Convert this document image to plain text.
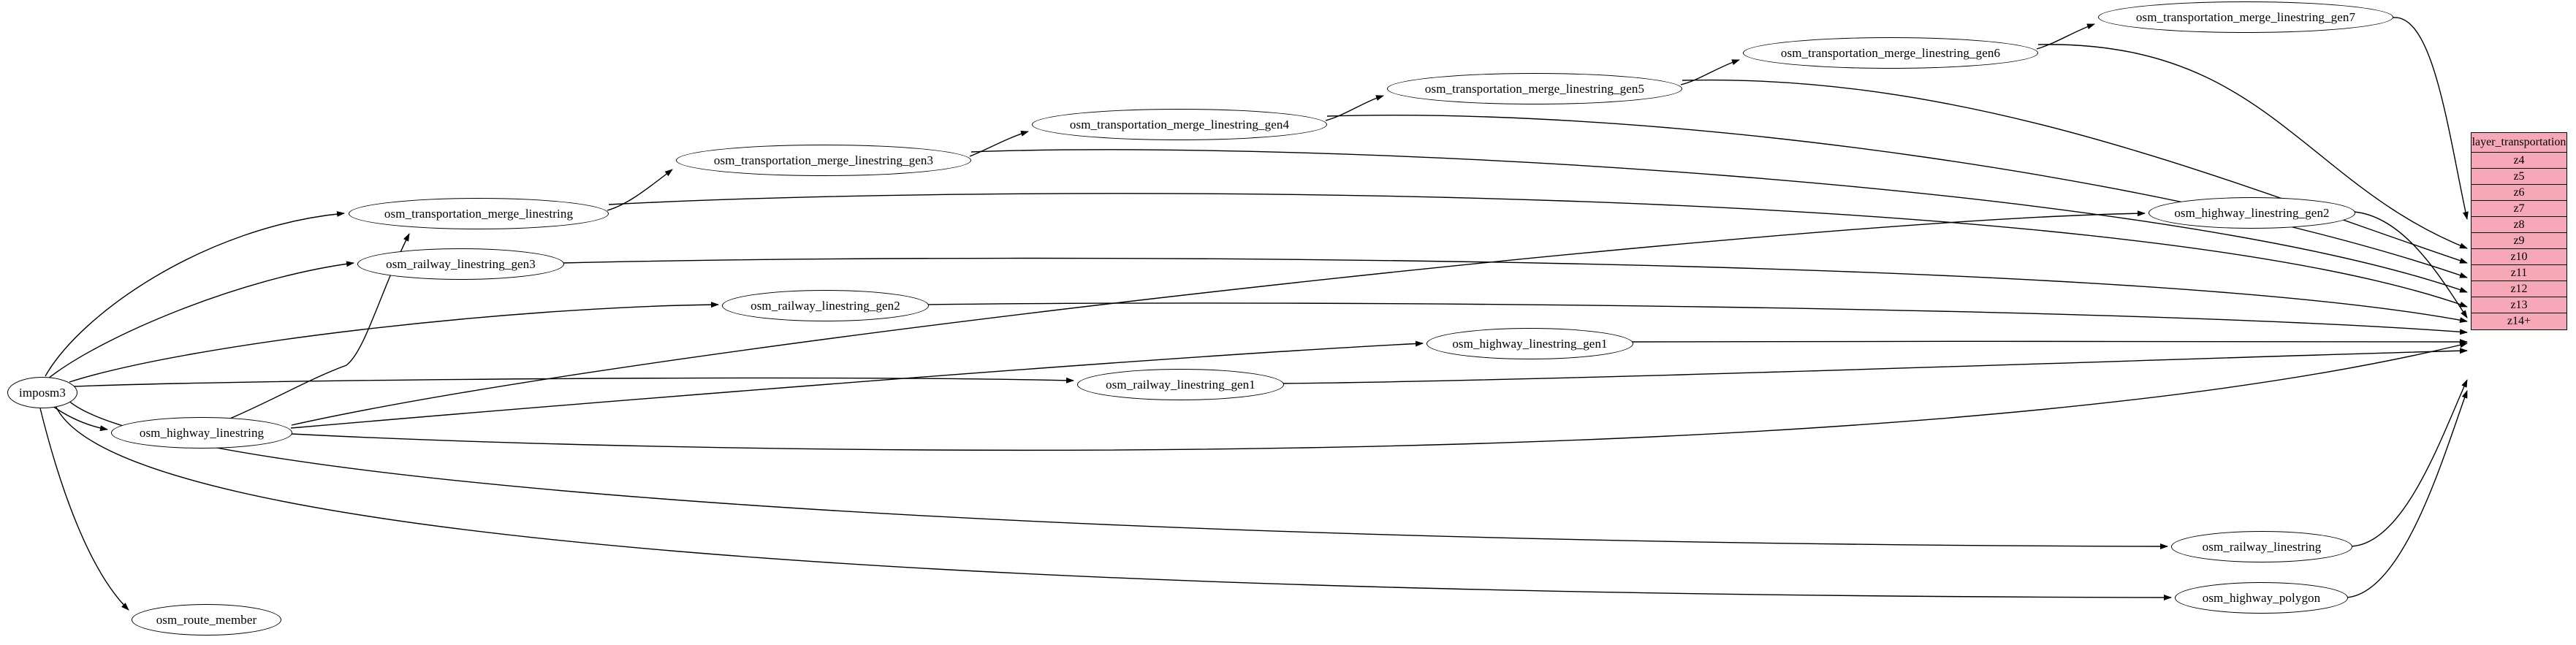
imposm3
osm_highway_linestring
osm_route_member
osm_railway_linestring_gen3
osm_transportation_merge_linestring
osm_railway_linestring_gen2
osm_railway_linestring_gen1
osm_highway_linestring_gen1
osm_transportation_merge_linestring_gen3
osm_transportation_merge_linestring_gen4
osm_transportation_merge_linestring_gen5
osm_transportation_merge_linestring_gen6
osm_transportation_merge_linestring_gen7
osm_highway_linestring_gen2
osm_railway_linestring
osm_highway_polygon
layer_transportation
z4
z5
z6
z7
z8
z9
z10
z11
z12
z13
z14+
